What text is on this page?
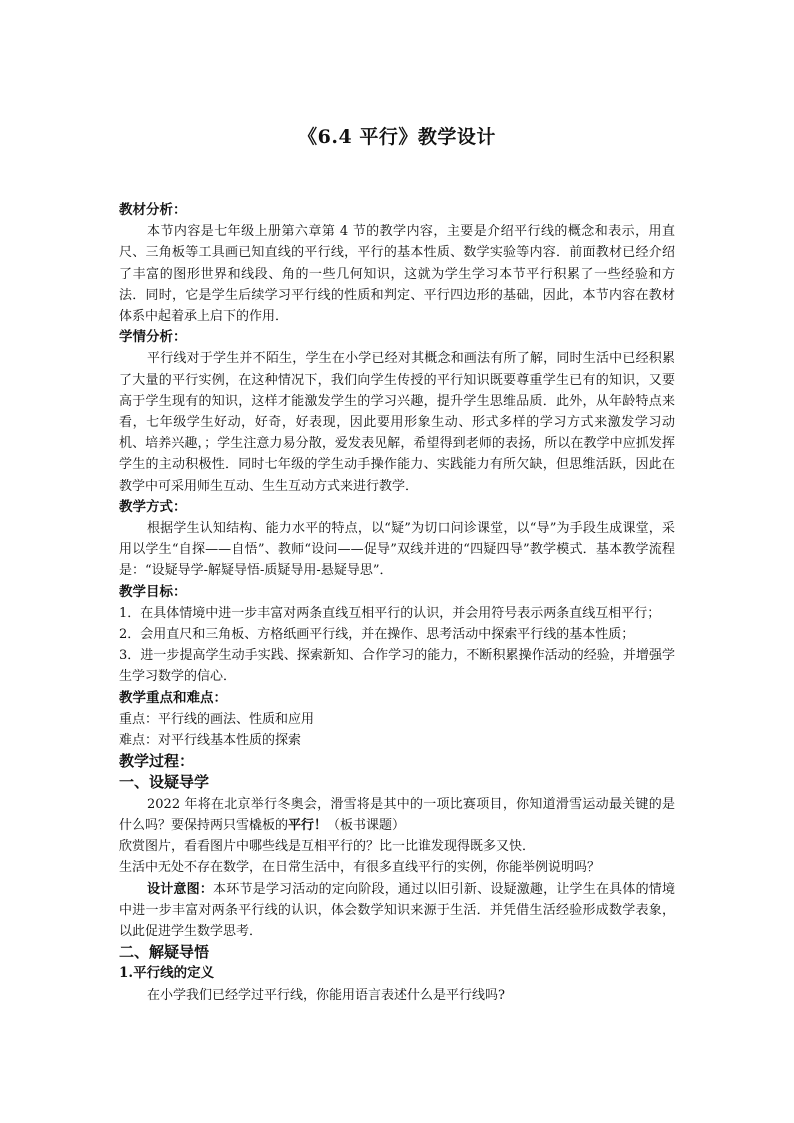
《6.4 平行》教学设计

教材分析：

本节内容是七年级上册第六章第 4 节的教学内容，主要是介绍平行线的概念和表示，用直尺、三角板等工具画已知直线的平行线，平行的基本性质、数学实验等内容．前面教材已经介绍了丰富的图形世界和线段、角的一些几何知识，这就为学生学习本节平行积累了一些经验和方法．同时，它是学生后续学习平行线的性质和判定、平行四边形的基础，因此，本节内容在教材体系中起着承上启下的作用．

学情分析：

平行线对于学生并不陌生，学生在小学已经对其概念和画法有所了解，同时生活中已经积累了大量的平行实例，在这种情况下，我们向学生传授的平行知识既要尊重学生已有的知识，又要高于学生现有的知识，这样才能激发学生的学习兴趣，提升学生思维品质．此外，从年龄特点来看，七年级学生好动，好奇，好表现，因此要用形象生动、形式多样的学习方式来激发学习动机、培养兴趣，；学生注意力易分散，爱发表见解，希望得到老师的表扬，所以在教学中应抓发挥学生的主动积极性．同时七年级的学生动手操作能力、实践能力有所欠缺，但思维活跃，因此在教学中可采用师生互动、生生互动方式来进行教学．

教学方式：

根据学生认知结构、能力水平的特点，以“疑”为切口问诊课堂，以“导”为手段生成课堂，采用以学生“自探——自悟”、教师“设问——促导”双线并进的“四疑四导”教学模式．基本教学流程是：“设疑导学-解疑导悟-质疑导用-悬疑导思”．

教学目标：

1．在具体情境中进一步丰富对两条直线互相平行的认识，并会用符号表示两条直线互相平行；

2．会用直尺和三角板、方格纸画平行线，并在操作、思考活动中探索平行线的基本性质；

3．进一步提高学生动手实践、探索新知、合作学习的能力，不断积累操作活动的经验，并增强学生学习数学的信心．

教学重点和难点：

重点：平行线的画法、性质和应用

难点：对平行线基本性质的探索

教学过程：

一、设疑导学

2022 年将在北京举行冬奥会，滑雪将是其中的一项比赛项目，你知道滑雪运动最关键的是什么吗？要保持两只雪橇板的平行！（板书课题）

欣赏图片，看看图片中哪些线是互相平行的？比一比谁发现得既多又快．

生活中无处不存在数学，在日常生活中，有很多直线平行的实例，你能举例说明吗？

设计意图：本环节是学习活动的定向阶段，通过以旧引新、设疑激趣，让学生在具体的情境中进一步丰富对两条平行线的认识，体会数学知识来源于生活．并凭借生活经验形成数学表象，以此促进学生数学思考．

二、解疑导悟

1.平行线的定义

在小学我们已经学过平行线，你能用语言表述什么是平行线吗?
